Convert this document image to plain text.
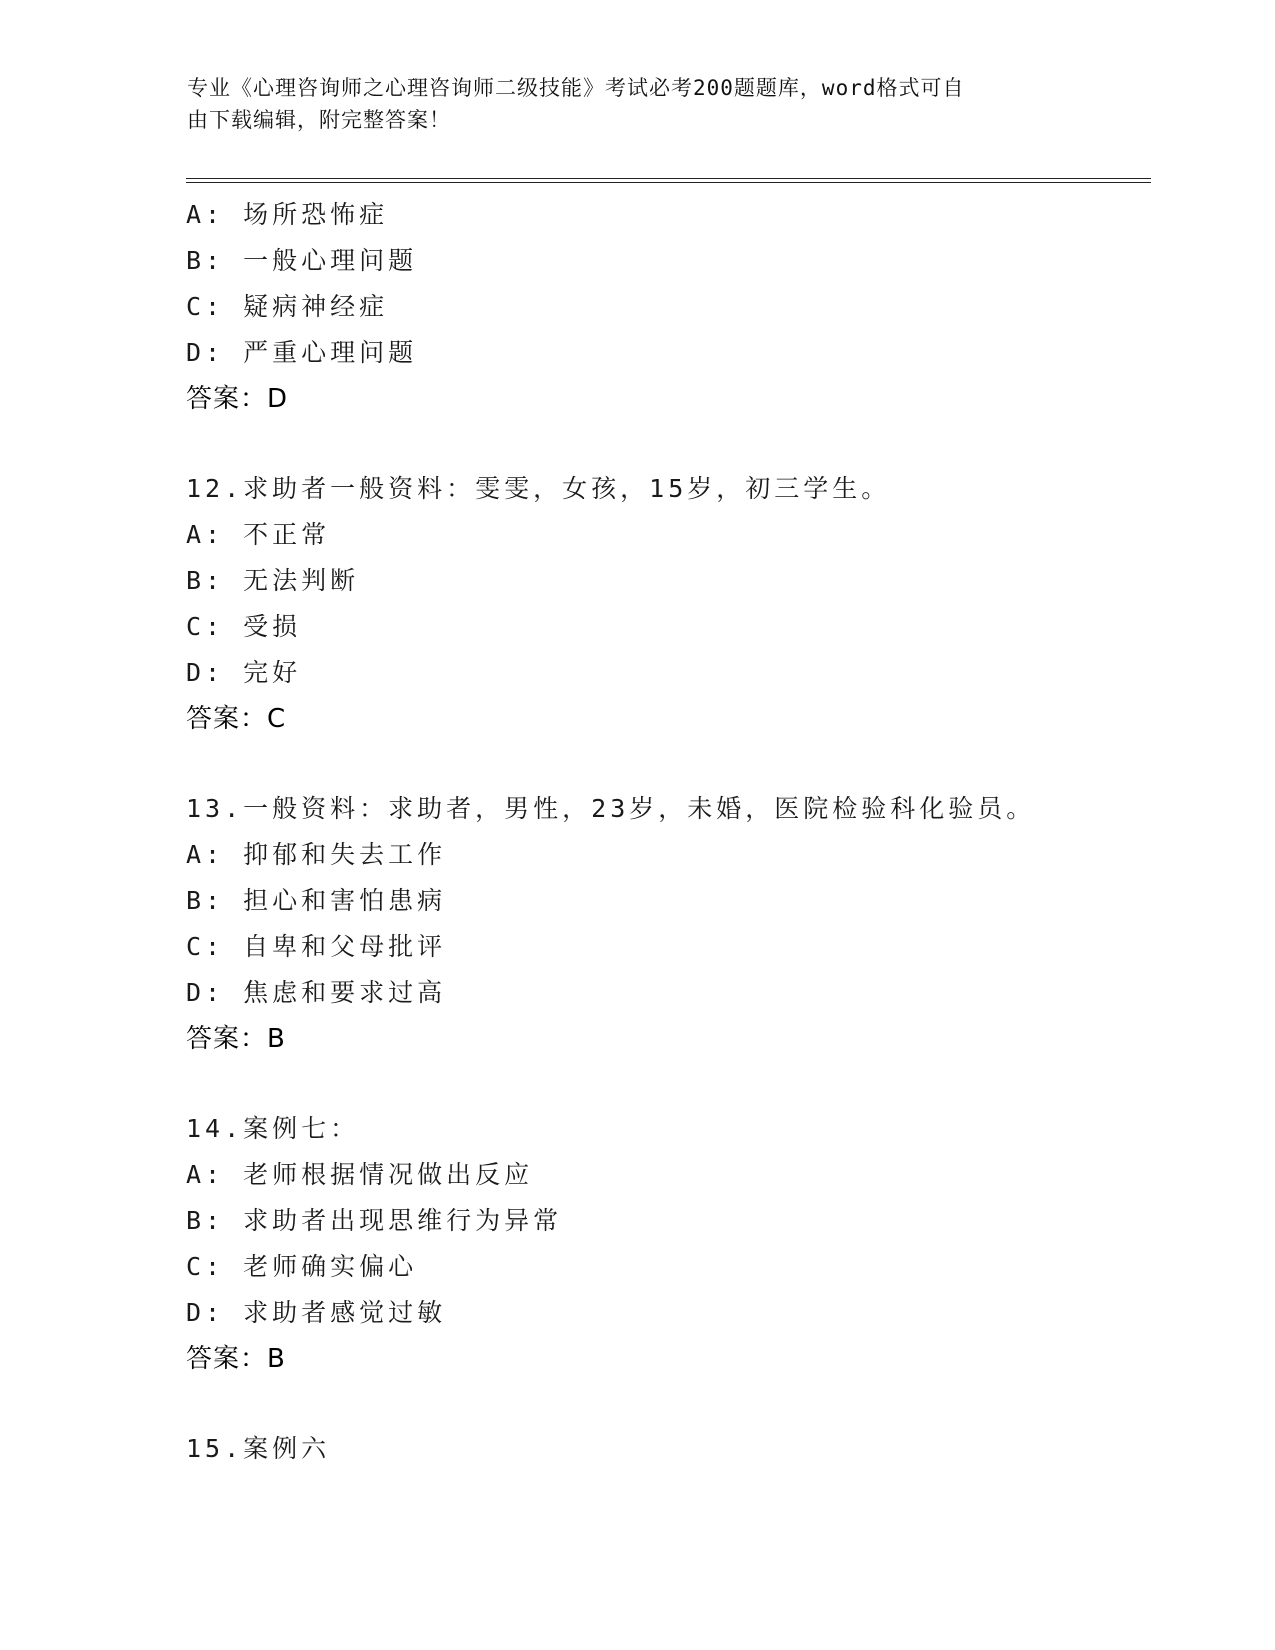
专业《心理咨询师之心理咨询师二级技能》考试必考200题题库，word格式可自
由下载编辑，附完整答案！
A: 场所恐怖症
B: 一般心理问题
C: 疑病神经症
D: 严重心理问题
答案：D
12.求助者一般资料：雯雯，女孩，15岁，初三学生。
A: 不正常
B: 无法判断
C: 受损
D: 完好
答案：C
13.一般资料：求助者，男性，23岁，未婚，医院检验科化验员。
A: 抑郁和失去工作
B: 担心和害怕患病
C: 自卑和父母批评
D: 焦虑和要求过高
答案：B
14.案例七：
A: 老师根据情况做出反应
B: 求助者出现思维行为异常
C: 老师确实偏心
D: 求助者感觉过敏
答案：B
15.案例六
